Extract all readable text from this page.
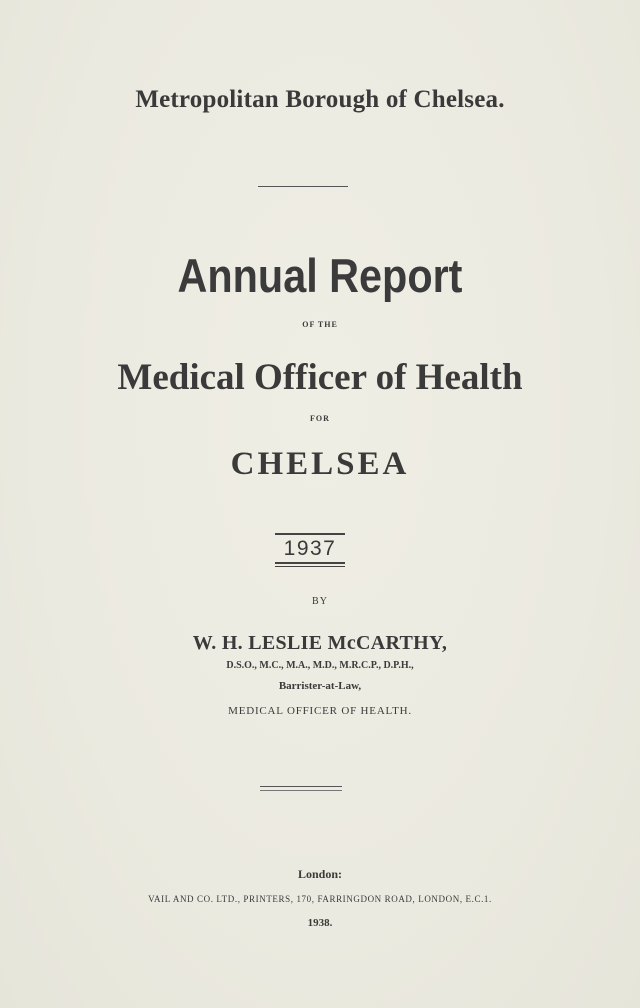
Metropolitan Borough of Chelsea.
Annual Report
OF THE
Medical Officer of Health
FOR
CHELSEA
1937
BY
W. H. LESLIE McCARTHY,
D.S.O., M.C., M.A., M.D., M.R.C.P., D.P.H.,
Barrister-at-Law,
MEDICAL OFFICER OF HEALTH.
London:
VAIL AND CO. LTD., PRINTERS, 170, FARRINGDON ROAD, LONDON, E.C.1.
1938.
